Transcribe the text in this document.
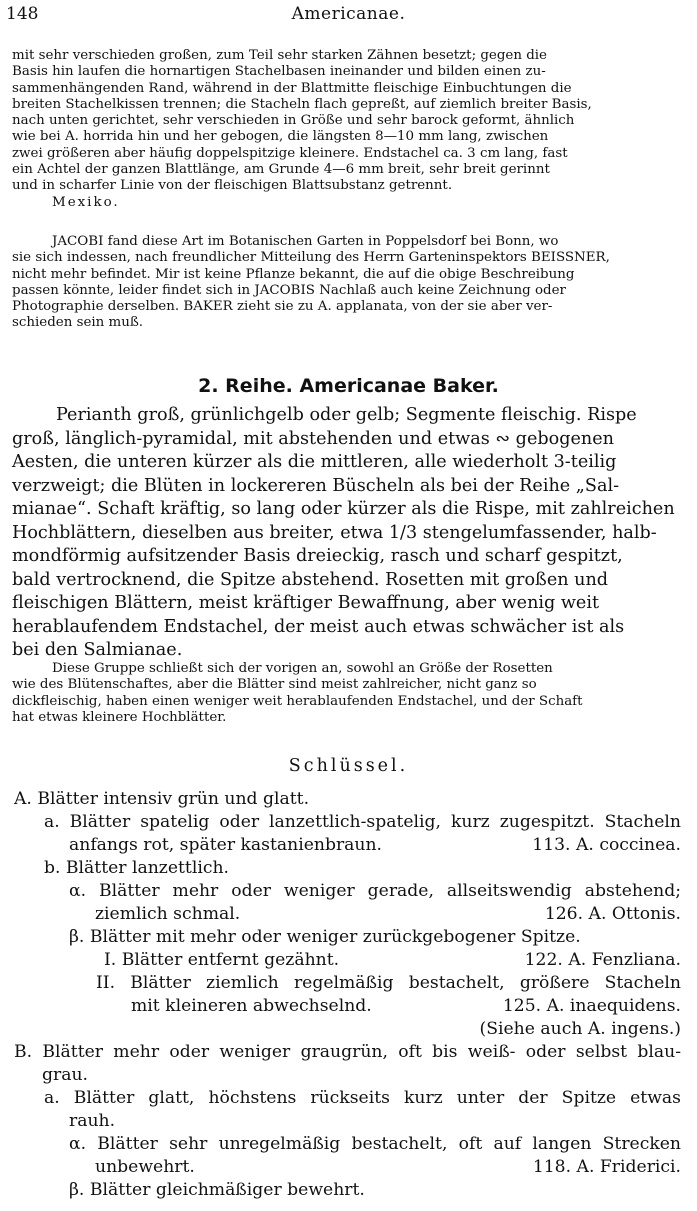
148	Americanae.
mit sehr verschieden großen, zum Teil sehr starken Zähnen besetzt; gegen die
Basis hin laufen die hornartigen Stachelbasen ineinander und bilden einen zu-
sammenhängenden Rand, während in der Blattmitte fleischige Einbuchtungen die
breiten Stachelkissen trennen; die Stacheln flach gepreßt, auf ziemlich breiter Basis,
nach unten gerichtet, sehr verschieden in Größe und sehr barock geformt, ähnlich
wie bei A. horrida hin und her gebogen, die längsten 8—10 mm lang, zwischen
zwei größeren aber häufig doppelspitzige kleinere. Endstachel ca. 3 cm lang, fast
ein Achtel der ganzen Blattlänge, am Grunde 4—6 mm breit, sehr breit gerinnt
und in scharfer Linie von der fleischigen Blattsubstanz getrennt.
Mexiko.
JACOBI fand diese Art im Botanischen Garten in Poppelsdorf bei Bonn, wo
sie sich indessen, nach freundlicher Mitteilung des Herrn Garteninspektors BEISSNER,
nicht mehr befindet. Mir ist keine Pflanze bekannt, die auf die obige Beschreibung
passen könnte, leider findet sich in JACOBIS Nachlaß auch keine Zeichnung oder
Photographie derselben. BAKER zieht sie zu A. applanata, von der sie aber ver-
schieden sein muß.
2. Reihe. Americanae Baker.
Perianth groß, grünlichgelb oder gelb; Segmente fleischig. Rispe
groß, länglich-pyramidal, mit abstehenden und etwas ∾ gebogenen
Aesten, die unteren kürzer als die mittleren, alle wiederholt 3-teilig
verzweigt; die Blüten in lockereren Büscheln als bei der Reihe „Sal-
mianae“. Schaft kräftig, so lang oder kürzer als die Rispe, mit zahlreichen
Hochblättern, dieselben aus breiter, etwa 1/3 stengelumfassender, halb-
mondförmig aufsitzender Basis dreieckig, rasch und scharf gespitzt,
bald vertrocknend, die Spitze abstehend. Rosetten mit großen und
fleischigen Blättern, meist kräftiger Bewaffnung, aber wenig weit
herablaufendem Endstachel, der meist auch etwas schwächer ist als
bei den Salmianae.
Diese Gruppe schließt sich der vorigen an, sowohl an Größe der Rosetten
wie des Blütenschaftes, aber die Blätter sind meist zahlreicher, nicht ganz so
dickfleischig, haben einen weniger weit herablaufenden Endstachel, und der Schaft
hat etwas kleinere Hochblätter.
Schlüssel.
A. Blätter intensiv grün und glatt.
a. Blätter spatelig oder lanzettlich-spatelig, kurz zugespitzt. Stacheln
anfangs rot, später kastanienbraun.	113. A. coccinea.
b. Blätter lanzettlich.
α. Blätter mehr oder weniger gerade, allseitswendig abstehend;
ziemlich schmal.	126. A. Ottonis.
β. Blätter mit mehr oder weniger zurückgebogener Spitze.
I. Blätter entfernt gezähnt.	122. A. Fenzliana.
II. Blätter ziemlich regelmäßig bestachelt, größere Stacheln
mit kleineren abwechselnd.	125. A. inaequidens.
(Siehe auch A. ingens.)
B. Blätter mehr oder weniger graugrün, oft bis weiß- oder selbst blau-
grau.
a. Blätter glatt, höchstens rückseits kurz unter der Spitze etwas
rauh.
α. Blätter sehr unregelmäßig bestachelt, oft auf langen Strecken
unbewehrt.	118. A. Friderici.
β. Blätter gleichmäßiger bewehrt.
